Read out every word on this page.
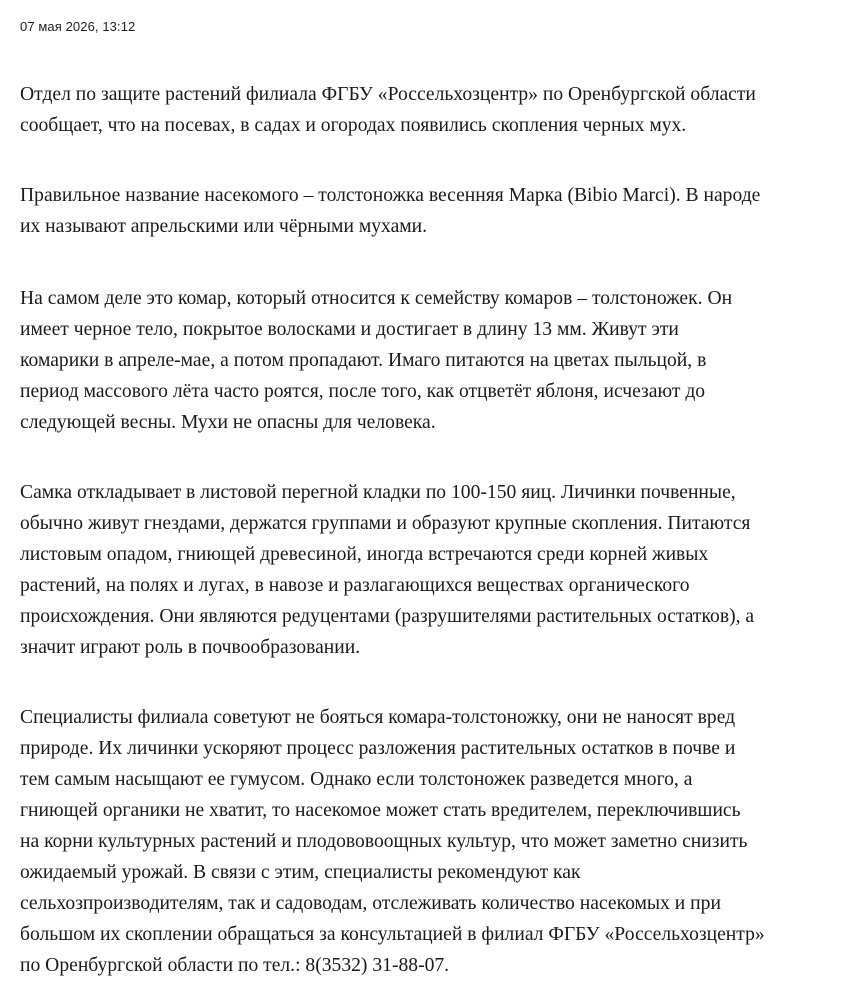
07 мая 2026, 13:12

Отдел по защите растений филиала ФГБУ «Россельхозцентр» по Оренбургской области
сообщает, что на посевах, в садах и огородах появились скопления черных мух.

Правильное название насекомого – толстоножка весенняя Марка (Bibio Marci). В народе
их называют апрельскими или чёрными мухами.

На самом деле это комар, который относится к семейству комаров – толстоножек. Он
имеет черное тело, покрытое волосками и достигает в длину 13 мм. Живут эти
комарики в апреле-мае, а потом пропадают. Имаго питаются на цветах пыльцой, в
период массового лёта часто роятся, после того, как отцветёт яблоня, исчезают до
следующей весны. Мухи не опасны для человека.

Самка откладывает в листовой перегной кладки по 100-150 яиц. Личинки почвенные,
обычно живут гнездами, держатся группами и образуют крупные скопления. Питаются
листовым опадом, гниющей древесиной, иногда встречаются среди корней живых
растений, на полях и лугах, в навозе и разлагающихся веществах органического
происхождения. Они являются редуцентами (разрушителями растительных остатков), а
значит играют роль в почвообразовании.

Специалисты филиала советуют не бояться комара-толстоножку, они не наносят вред
природе. Их личинки ускоряют процесс разложения растительных остатков в почве и
тем самым насыщают ее гумусом. Однако если толстоножек разведется много, а
гниющей органики не хватит, то насекомое может стать вредителем, переключившись
на корни культурных растений и плодововоощных культур, что может заметно снизить
ожидаемый урожай. В связи с этим, специалисты рекомендуют как
сельхозпроизводителям, так и садоводам, отслеживать количество насекомых и при
большом их скоплении обращаться за консультацией в филиал ФГБУ «Россельхозцентр»
по Оренбургской области по тел.: 8(3532) 31-88-07.
